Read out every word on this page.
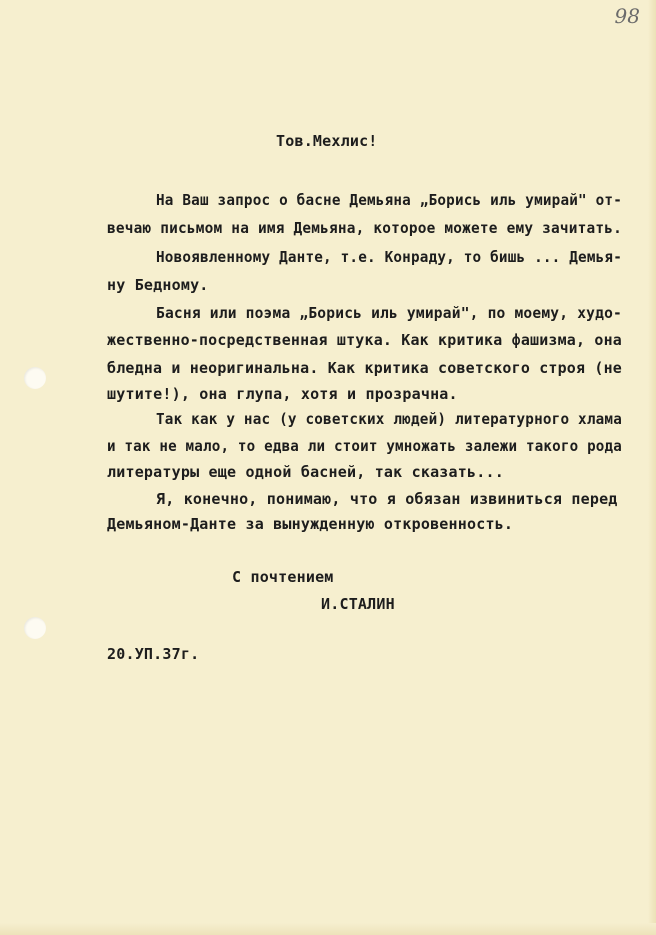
98
Тов.Мехлис!
На Ваш запрос о басне Демьяна „Борись иль умирай" от-
вечаю письмом на имя Демьяна, которое можете ему зачитать.
Новоявленному Данте, т.е. Конраду, то бишь ... Демья-
ну Бедному.
Басня или поэма „Борись иль умирай", по моему, худо-
жественно-посредственная штука. Как критика фашизма, она
бледна и неоригинальна. Как критика советского строя (не
шутите!), она глупа, хотя и прозрачна.
Так как у нас (у советских людей) литературного хлама
и так не мало, то едва ли стоит умножать залежи такого рода
литературы еще одной басней, так сказать...
Я, конечно, понимаю, что я обязан извиниться перед
Демьяном-Данте за вынужденную откровенность.
С почтением
И.СТАЛИН
20.УП.37г.
